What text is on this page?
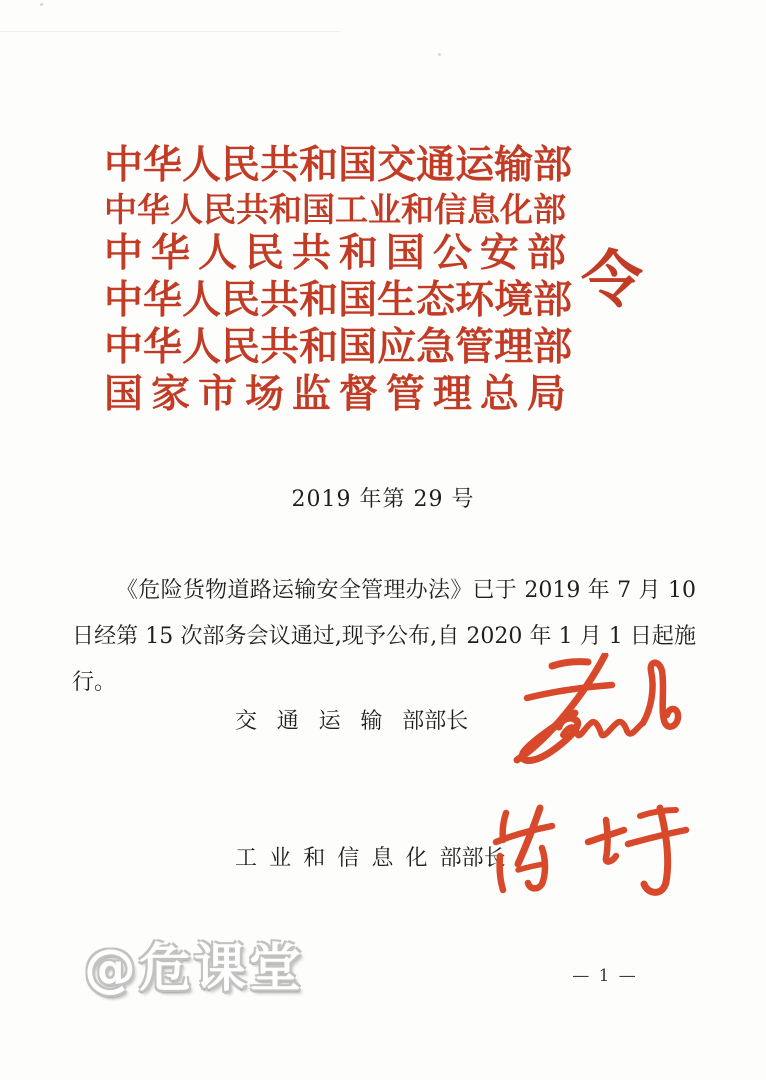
中 华 人 民 共 和 国 交 通 运 输 部
中 华 人 民 共 和 国 工 业 和 信 息 化 部
中 华 人 民 共 和 国 公 安 部
中 华 人 民 共 和 国 生 态 环 境 部
中 华 人 民 共 和 国 应 急 管 理 部
国 家 市 场 监 督 管 理 总 局
令
2019 年第 29 号
《危险货物道路运输安全管理办法》已于 2019 年 7 月 10 日经第 15 次部务会议通过,现予公布,自 2020 年 1 月 1 日起施行。
交通运输部部长
工业和信息化部部长
@危课堂	— 1 —
